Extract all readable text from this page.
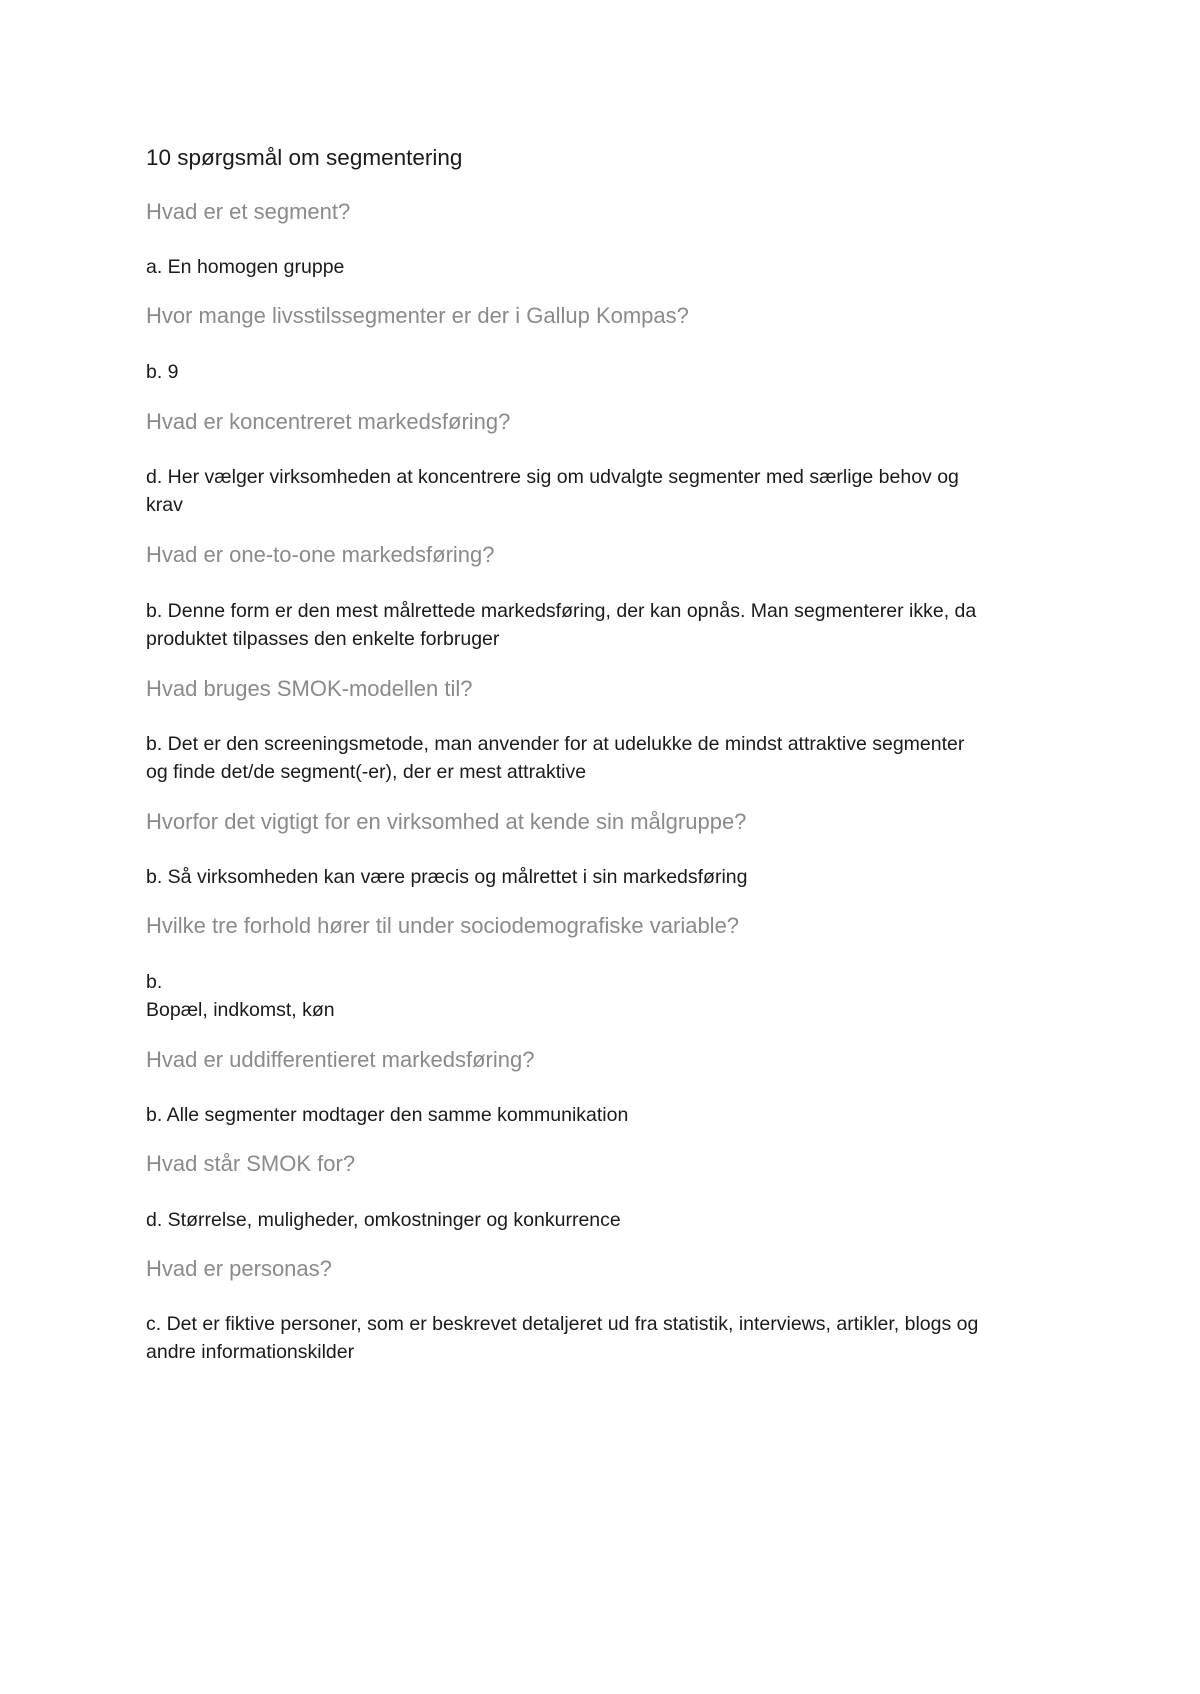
10 spørgsmål om segmentering
Hvad er et segment?

a. En homogen gruppe

Hvor mange livsstilssegmenter er der i Gallup Kompas?

b. 9

Hvad er koncentreret markedsføring?

d. Her vælger virksomheden at koncentrere sig om udvalgte segmenter med særlige behov og
krav

Hvad er one-to-one markedsføring?

b. Denne form er den mest målrettede markedsføring, der kan opnås. Man segmenterer ikke, da
produktet tilpasses den enkelte forbruger

Hvad bruges SMOK-modellen til?

b. Det er den screeningsmetode, man anvender for at udelukke de mindst attraktive segmenter
og finde det/de segment(-er), der er mest attraktive

Hvorfor det vigtigt for en virksomhed at kende sin målgruppe?

b. Så virksomheden kan være præcis og målrettet i sin markedsføring

Hvilke tre forhold hører til under sociodemografiske variable?

b.
Bopæl, indkomst, køn

Hvad er uddifferentieret markedsføring?

b. Alle segmenter modtager den samme kommunikation

Hvad står SMOK for?

d. Størrelse, muligheder, omkostninger og konkurrence

Hvad er personas?

c. Det er fiktive personer, som er beskrevet detaljeret ud fra statistik, interviews, artikler, blogs og
andre informationskilder
